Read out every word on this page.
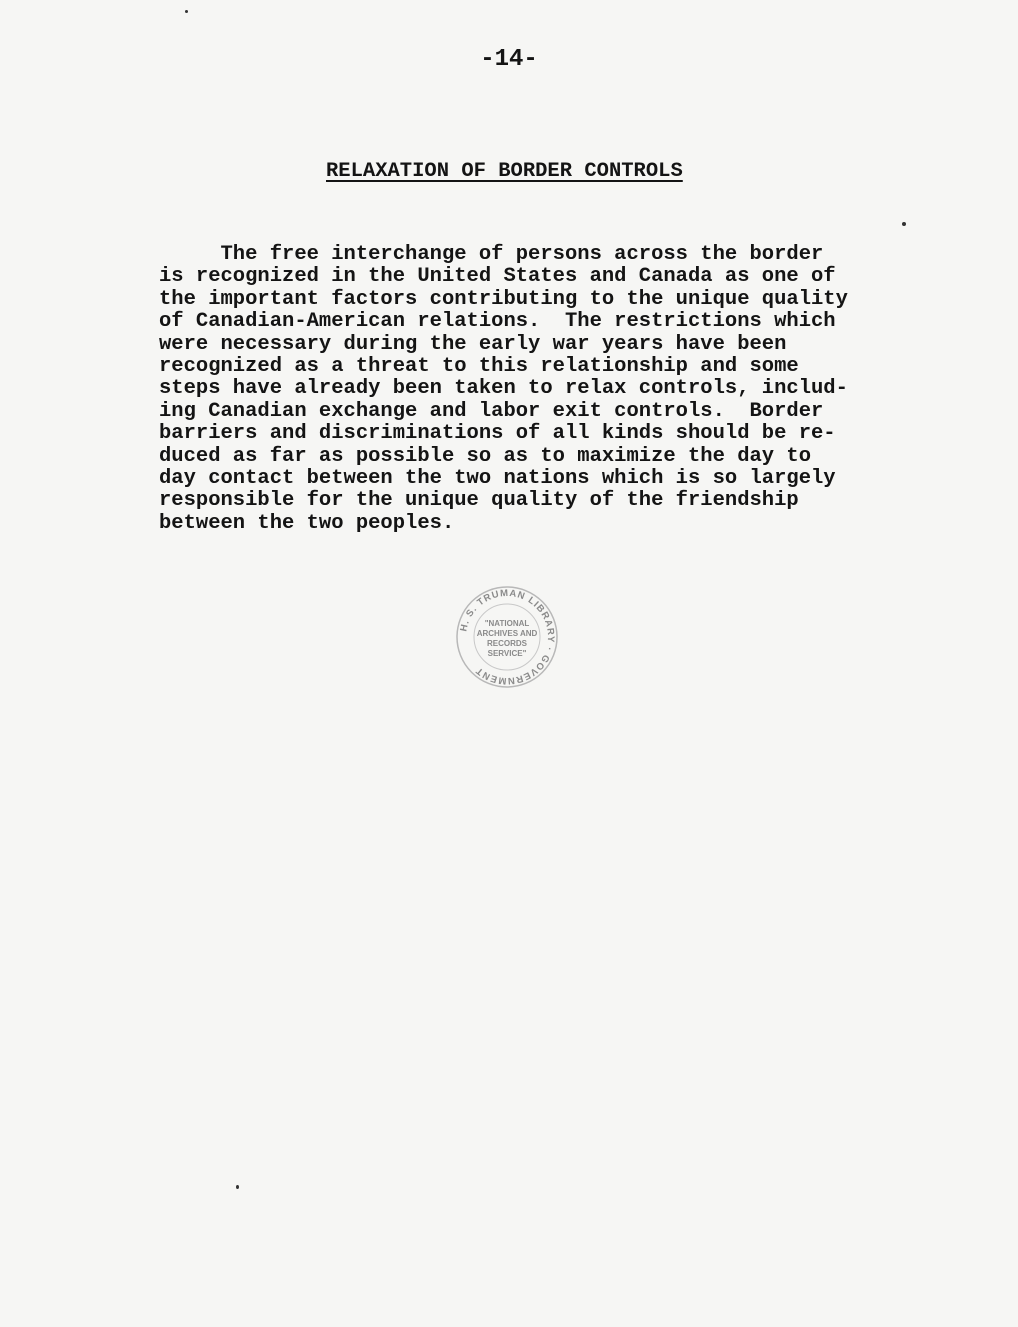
-14-
RELAXATION OF BORDER CONTROLS
The free interchange of persons across the border
is recognized in the United States and Canada as one of
the important factors contributing to the unique quality
of Canadian-American relations.  The restrictions which
were necessary during the early war years have been
recognized as a threat to this relationship and some
steps have already been taken to relax controls, includ-
ing Canadian exchange and labor exit controls.  Border
barriers and discriminations of all kinds should be re-
duced as far as possible so as to maximize the day to
day contact between the two nations which is so largely
responsible for the unique quality of the friendship
between the two peoples.
H. S. TRUMAN LIBRARY · GOVERNMENT
"NATIONAL
ARCHIVES AND
RECORDS
SERVICE"
